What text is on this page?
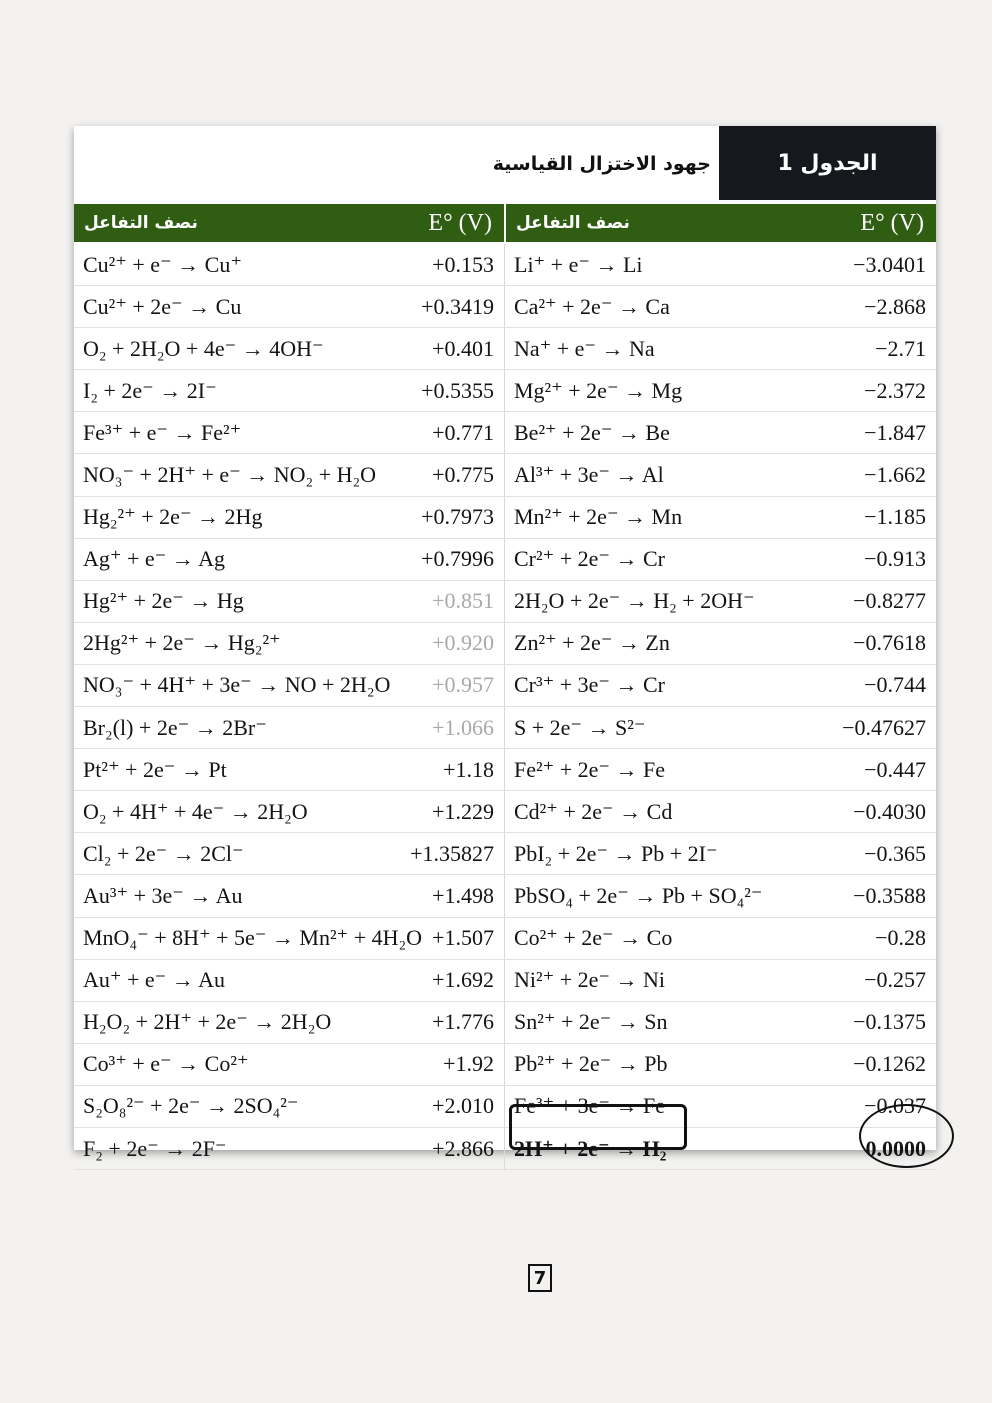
جهود الاختزال القياسية	الجدول 1
نصف التفاعل	E° (V)	نصف التفاعل	E° (V)
Cu²⁺ + e⁻ → Cu⁺	+0.153 Li⁺ + e⁻ → Li	−3.0401
Cu²⁺ + 2e⁻ → Cu	+0.3419 Ca²⁺ + 2e⁻ → Ca	−2.868
O₂ + 2H₂O + 4e⁻ → 4OH⁻	+0.401 Na⁺ + e⁻ → Na	−2.71
I₂ + 2e⁻ → 2I⁻	+0.5355 Mg²⁺ + 2e⁻ → Mg	−2.372
Fe³⁺ + e⁻ → Fe²⁺	+0.771 Be²⁺ + 2e⁻ → Be	−1.847
NO₃⁻ + 2H⁺ + e⁻ → NO₂ + H₂O	+0.775 Al³⁺ + 3e⁻ → Al	−1.662
Hg₂²⁺ + 2e⁻ → 2Hg	+0.7973 Mn²⁺ + 2e⁻ → Mn	−1.185
Ag⁺ + e⁻ → Ag	+0.7996 Cr²⁺ + 2e⁻ → Cr	−0.913
Hg²⁺ + 2e⁻ → Hg	+0.851 2H₂O + 2e⁻ → H₂ + 2OH⁻	−0.8277
2Hg²⁺ + 2e⁻ → Hg₂²⁺	+0.920 Zn²⁺ + 2e⁻ → Zn	−0.7618
NO₃⁻ + 4H⁺ + 3e⁻ → NO + 2H₂O +0.957 Cr³⁺ + 3e⁻ → Cr	−0.744
Br₂(l) + 2e⁻ → 2Br⁻	+1.066 S + 2e⁻ → S²⁻	−0.47627
Pt²⁺ + 2e⁻ → Pt	+1.18 Fe²⁺ + 2e⁻ → Fe	−0.447
O₂ + 4H⁺ + 4e⁻ → 2H₂O	+1.229 Cd²⁺ + 2e⁻ → Cd	−0.4030
Cl₂ + 2e⁻ → 2Cl⁻	+1.35827 PbI₂ + 2e⁻ → Pb + 2I⁻	−0.365
Au³⁺ + 3e⁻ → Au	+1.498 PbSO₄ + 2e⁻ → Pb + SO₄²⁻	−0.3588
MnO₄⁻ + 8H⁺ + 5e⁻ → Mn²⁺ + 4H₂O +1.507 Co²⁺ + 2e⁻ → Co	−0.28
Au⁺ + e⁻ → Au	+1.692 Ni²⁺ + 2e⁻ → Ni	−0.257
H₂O₂ + 2H⁺ + 2e⁻ → 2H₂O	+1.776 Sn²⁺ + 2e⁻ → Sn	−0.1375
Co³⁺ + e⁻ → Co²⁺	+1.92 Pb²⁺ + 2e⁻ → Pb	−0.1262
S₂O₈²⁻ + 2e⁻ → 2SO₄²⁻	+2.010 Fe³⁺ + 3e⁻ → Fe	−0.037
F₂ + 2e⁻ → 2F⁻	+2.866 2H⁺ + 2e⁻ → H₂	0.0000
7
